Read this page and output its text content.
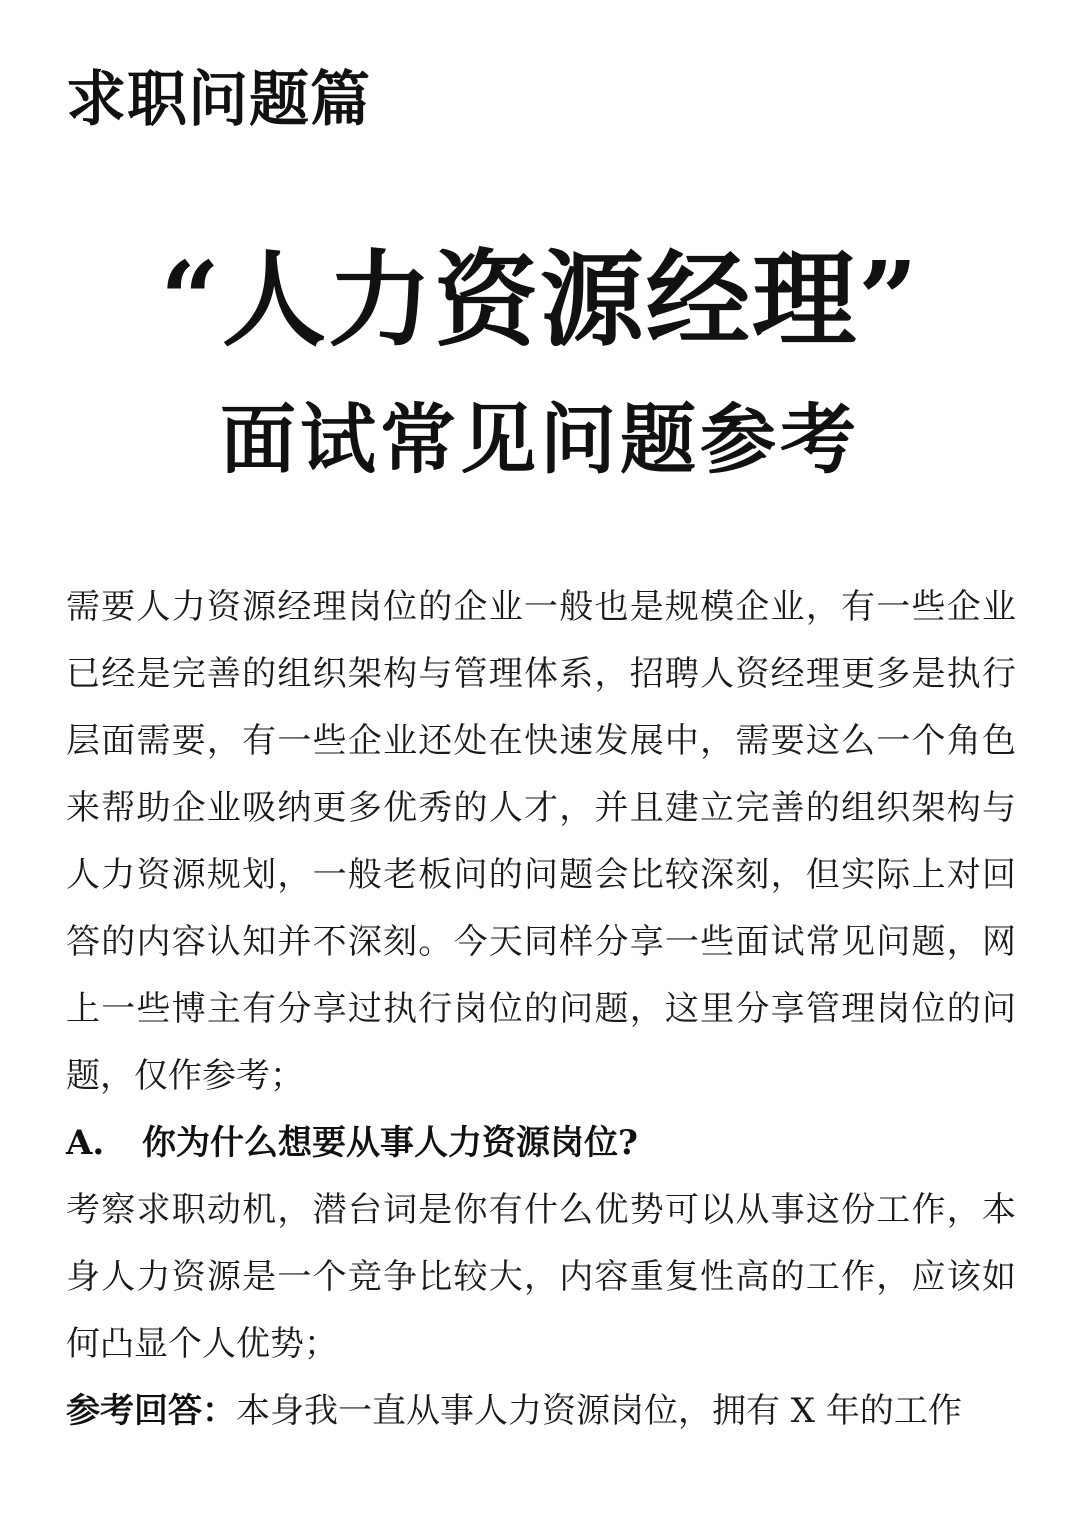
求职问题篇
“人力资源经理”
面试常见问题参考

需要人力资源经理岗位的企业一般也是规模企业，有一些企业已经是完善的组织架构与管理体系，招聘人资经理更多是执行层面需要，有一些企业还处在快速发展中，需要这么一个角色来帮助企业吸纳更多优秀的人才，并且建立完善的组织架构与人力资源规划，一般老板问的问题会比较深刻，但实际上对回答的内容认知并不深刻。今天同样分享一些面试常见问题，网上一些博主有分享过执行岗位的问题，这里分享管理岗位的问题，仅作参考；

A. 你为什么想要从事人力资源岗位?

考察求职动机，潜台词是你有什么优势可以从事这份工作，本身人力资源是一个竞争比较大，内容重复性高的工作，应该如何凸显个人优势；

参考回答：本身我一直从事人力资源岗位，拥有 X 年的工作
